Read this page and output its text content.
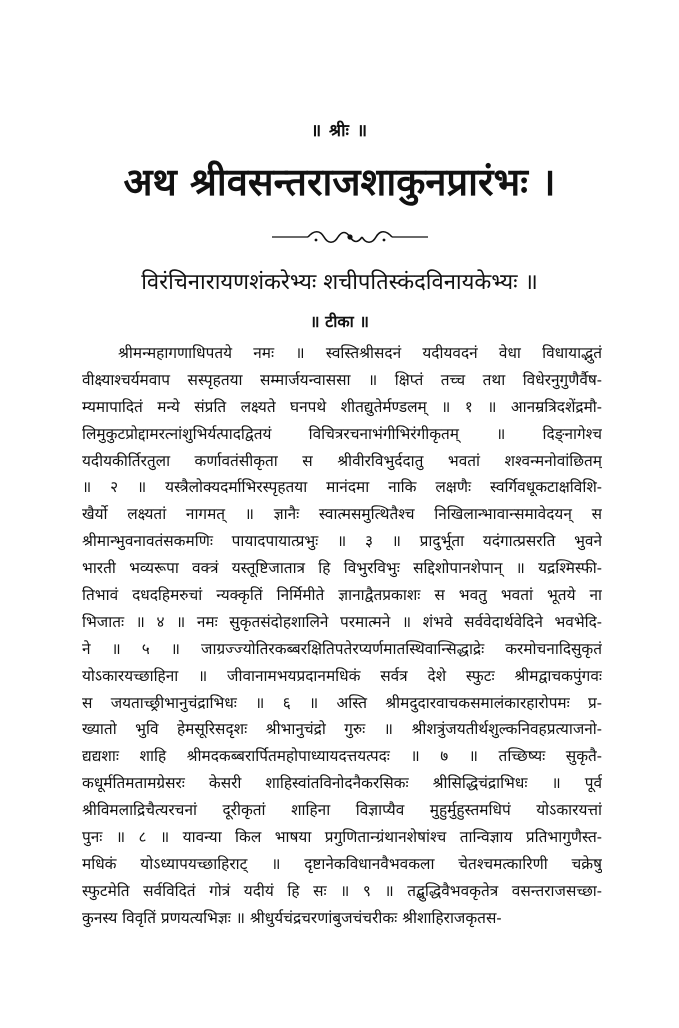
॥ श्रीः ॥
अथ श्रीवसन्तराजशाकुनप्रारंभः ।
विरंचिनारायणशंकरेभ्यः शचीपतिस्कंदविनायकेभ्यः ॥
॥ टीका ॥
श्रीमन्महागणाधिपतये नमः ॥ स्वस्तिश्रीसदनं यदीयवदनं वेधा विधायाद्भुतं
वीक्ष्याश्चर्यमवाप सस्पृहतया सम्मार्जयन्वाससा ॥ क्षिप्तं तच्च तथा विधेरनुगुणैर्वैष-
म्यमापादितं मन्ये संप्रति लक्ष्यते घनपथे शीतद्युतेर्मण्डलम् ॥ १ ॥ आनम्रत्रिदशेंद्रमौ-
लिमुकुटप्रोद्दामरत्नांशुभिर्यत्पादद्वितयं विचित्ररचनाभंगीभिरंगीकृतम् ॥ दिङ्नागेश्च
यदीयकीर्तिरतुला कर्णावतंसीकृता स श्रीवीरविभुर्ददातु भवतां शश्वन्मनोवांछितम्
॥ २ ॥ यस्त्रैलोक्यदर्माभिरस्पृहतया मानंदमा नाकि लक्षणैः स्वर्गिवधूकटाक्षविशि-
खैर्यो लक्ष्यतां नागमत् ॥ ज्ञानैः स्वात्मसमुत्थितैश्च निखिलान्भावान्समावेदयन् स
श्रीमान्भुवनावतंसकमणिः पायादपायात्प्रभुः ॥ ३ ॥ प्रादुर्भूता यदंगात्प्रसरति भुवने
भारती भव्यरूपा वक्त्रं यस्तूष्टिजातात्र हि विभुरविभुः सद्दिशोपानशेपान् ॥ यद्रश्मिस्फी-
तिभावं दधदहिमरुचां न्यक्कृतिं निर्मिमीते ज्ञानाद्वैतप्रकाशः स भवतु भवतां भूतये ना
भिजातः ॥ ४ ॥ नमः सुकृतसंदोहशालिने परमात्मने ॥ शंभवे सर्ववेदार्थवेदिने भवभेदि-
ने ॥ ५ ॥ जाग्रज्ज्योतिरकब्बरक्षितिपतेरप्यर्णमातस्थिवान्सिद्धाद्रेः करमोचनादिसुकृतं
योऽकारयच्छाहिना ॥ जीवानामभयप्रदानमधिकं सर्वत्र देशे स्फुटः श्रीमद्वाचकपुंगवः
स जयताच्छ्रीभानुचंद्राभिधः ॥ ६ ॥ अस्ति श्रीमदुदारवाचकसमालंकारहारोपमः प्र-
ख्यातो भुवि हेमसूरिसदृशः श्रीभानुचंद्रो गुरुः ॥ श्रीशत्रुंजयतीर्थशुल्कनिवहप्रत्याजनो-
द्यद्यशाः शाहि श्रीमदकब्बरार्पितमहोपाध्यायदत्तयत्पदः ॥ ७ ॥ तच्छिष्यः सुकृतै-
कधूर्मतिमतामग्रेसरः केसरी शाहिस्वांतविनोदनैकरसिकः श्रीसिद्धिचंद्राभिधः ॥ पूर्व
श्रीविमलाद्रिचैत्यरचनां दूरीकृतां शाहिना विज्ञाप्यैव मुहुर्मुहुस्तमधिपं योऽकारयत्तां
पुनः ॥ ८ ॥ यावन्या किल भाषया प्रगुणितान्ग्रंथानशेषांश्च तान्विज्ञाय प्रतिभागुणैस्त-
मधिकं योऽध्यापयच्छाहिराट् ॥ दृष्टानेकविधानवैभवकला चेतश्चमत्कारिणी चक्रेषु
स्फुटमेति सर्वविदितं गोत्रं यदीयं हि सः ॥ ९ ॥ तद्बुद्धिवैभवकृतेत्र वसन्तराजसच्छा-
कुनस्य विवृतिं प्रणयत्यभिज्ञः ॥ श्रीधुर्यचंद्रचरणांबुजचंचरीकः श्रीशाहिराजकृतस-
